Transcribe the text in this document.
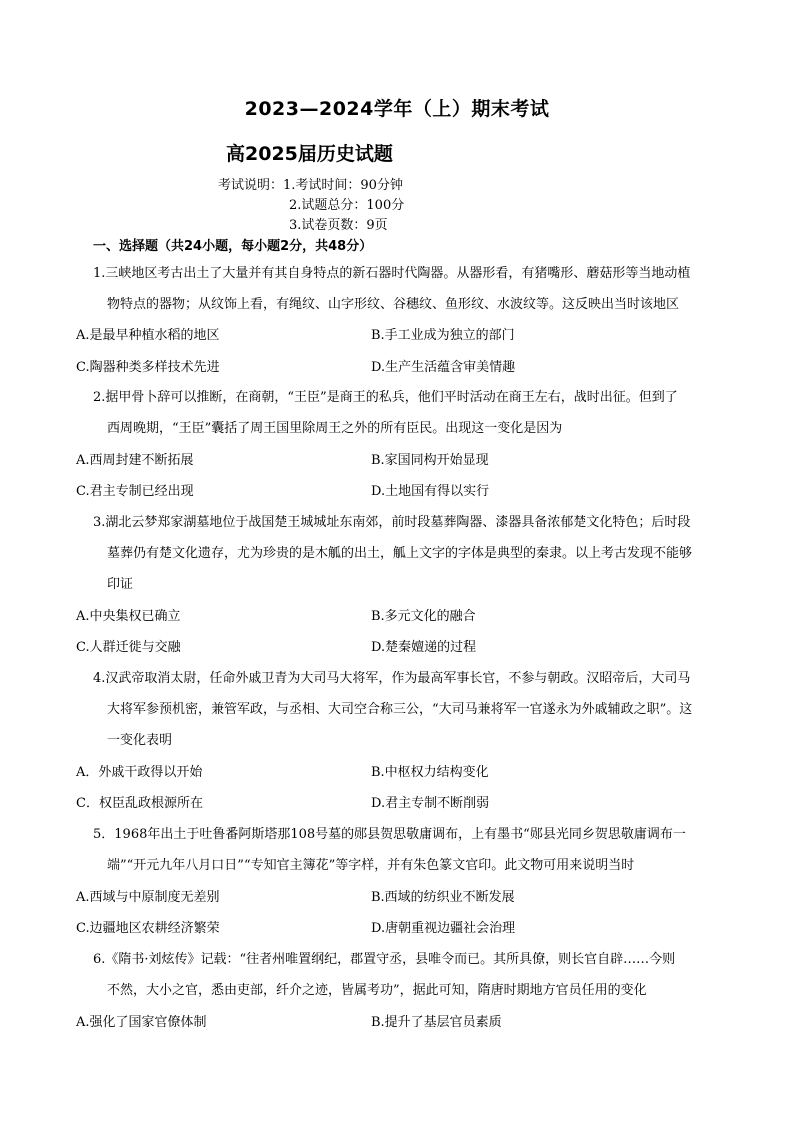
2023—2024学年（上）期末考试
高2025届历史试题
考试说明：1.考试时间：90分钟
2.试题总分：100分
3.试卷页数：9页
一、选择题（共24小题，每小题2分，共48分）
1.三峡地区考古出土了大量并有其自身特点的新石器时代陶器。从器形看，有猪嘴形、蘑菇形等当地动植
物特点的器物；从纹饰上看，有绳纹、山字形纹、谷穗纹、鱼形纹、水波纹等。这反映出当时该地区
A.是最早种植水稻的地区	B.手工业成为独立的部门
C.陶器种类多样技术先进	D.生产生活蕴含审美情趣
2.据甲骨卜辞可以推断，在商朝，“王臣”是商王的私兵，他们平时活动在商王左右，战时出征。但到了
西周晚期，“王臣”囊括了周王国里除周王之外的所有臣民。出现这一变化是因为
A.西周封建不断拓展	B.家国同构开始显现
C.君主专制已经出现	D.土地国有得以实行
3.湖北云梦郑家湖墓地位于战国楚王城城址东南郊，前时段墓葬陶器、漆器具备浓郁楚文化特色；后时段
墓葬仍有楚文化遗存，尤为珍贵的是木觚的出土，觚上文字的字体是典型的秦隶。以上考古发现不能够
印证
A.中央集权已确立	B.多元文化的融合
C.人群迁徙与交融	D.楚秦嬗递的过程
4.汉武帝取消太尉，任命外戚卫青为大司马大将军，作为最高军事长官，不参与朝政。汉昭帝后，大司马
大将军参预机密，兼管军政，与丞相、大司空合称三公，“大司马兼将军一官遂永为外戚辅政之职”。这
一变化表明
A．外戚干政得以开始	B.中枢权力结构变化
C．权臣乱政根源所在	D.君主专制不断削弱
5．1968年出土于吐鲁番阿斯塔那108号墓的郧县贺思敬庸调布，上有墨书“郧县光同乡贺思敬庸调布一
端”“开元九年八月口日”“专知官主簿花”等字样，并有朱色篆文官印。此文物可用来说明当时
A.西域与中原制度无差别	B.西域的纺织业不断发展
C.边疆地区农耕经济繁荣	D.唐朝重视边疆社会治理
6.《隋书·刘炫传》记载：“往者州唯置纲纪，郡置守丞，县唯令而已。其所具僚，则长官自辟……今则
不然，大小之官，悉由吏部，纤介之迹，皆属考功”，据此可知，隋唐时期地方官员任用的变化
A.强化了国家官僚体制	B.提升了基层官员素质
